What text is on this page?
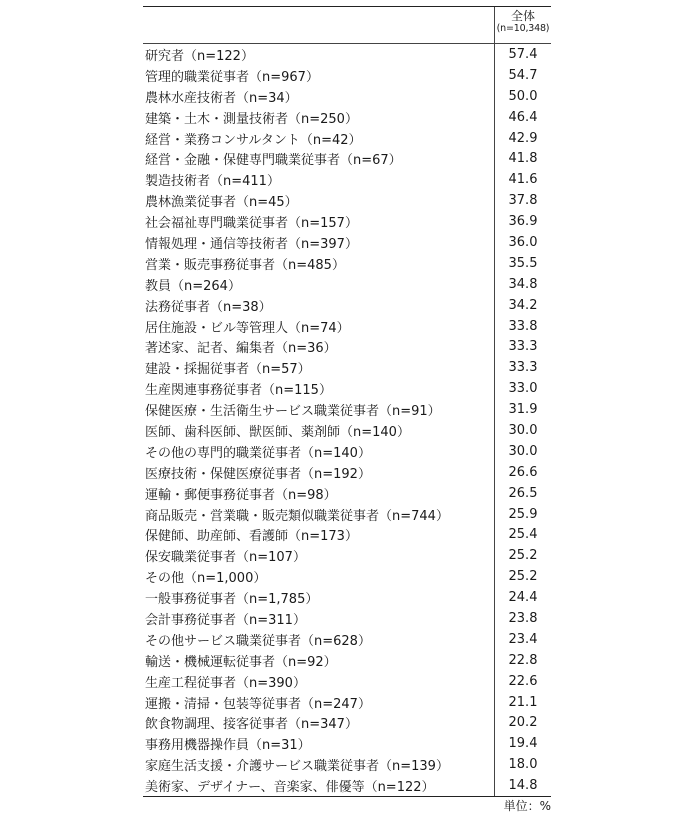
全体
(n=10,348)
研究者（n=122）	57.4
管理的職業従事者（n=967）	54.7
農林水産技術者（n=34）	50.0
建築・土木・測量技術者（n=250）	46.4
経営・業務コンサルタント（n=42）	42.9
経営・金融・保健専門職業従事者（n=67）	41.8
製造技術者（n=411）	41.6
農林漁業従事者（n=45）	37.8
社会福祉専門職業従事者（n=157）	36.9
情報処理・通信等技術者（n=397）	36.0
営業・販売事務従事者（n=485）	35.5
教員（n=264）	34.8
法務従事者（n=38）	34.2
居住施設・ビル等管理人（n=74）	33.8
著述家、記者、編集者（n=36）	33.3
建設・採掘従事者（n=57）	33.3
生産関連事務従事者（n=115）	33.0
保健医療・生活衛生サービス職業従事者（n=91）	31.9
医師、歯科医師、獣医師、薬剤師（n=140）	30.0
その他の専門的職業従事者（n=140）	30.0
医療技術・保健医療従事者（n=192）	26.6
運輸・郵便事務従事者（n=98）	26.5
商品販売・営業職・販売類似職業従事者（n=744）	25.9
保健師、助産師、看護師（n=173）	25.4
保安職業従事者（n=107）	25.2
その他（n=1,000）	25.2
一般事務従事者（n=1,785）	24.4
会計事務従事者（n=311）	23.8
その他サービス職業従事者（n=628）	23.4
輸送・機械運転従事者（n=92）	22.8
生産工程従事者（n=390）	22.6
運搬・清掃・包装等従事者（n=247）	21.1
飲食物調理、接客従事者（n=347）	20.2
事務用機器操作員（n=31）	19.4
家庭生活支援・介護サービス職業従事者（n=139）	18.0
美術家、デザイナー、音楽家、俳優等（n=122）	14.8
単位：%
